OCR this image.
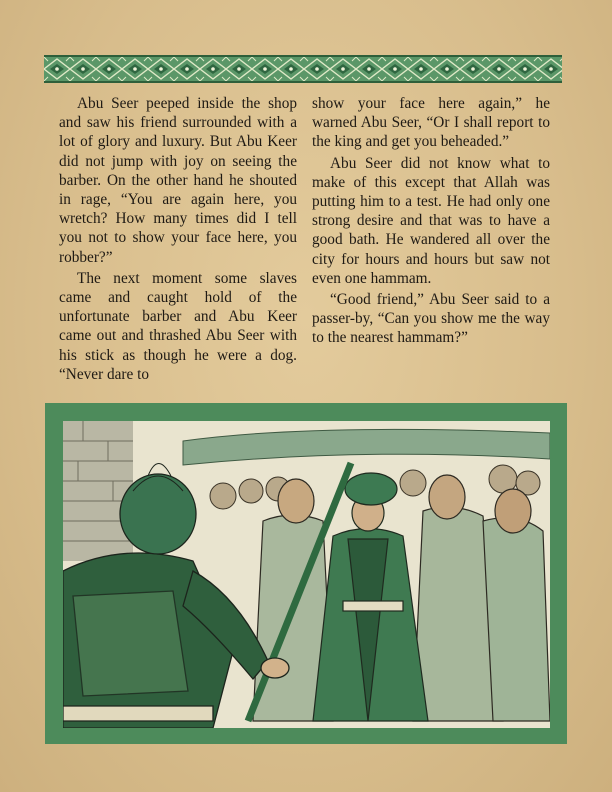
Abu Seer peeped inside the shop and saw his friend surrounded with a lot of glory and luxury. But Abu Keer did not jump with joy on seeing the barber. On the other hand he shouted in rage, “You are again here, you wretch? How many times did I tell you not to show your face here, you robber?”

The next moment some slaves came and caught hold of the unfortunate barber and Abu Keer came out and thrashed Abu Seer with his stick as though he were a dog. “Never dare to

show your face here again,” he warned Abu Seer, “Or I shall report to the king and get you beheaded.”

Abu Seer did not know what to make of this except that Allah was putting him to a test. He had only one strong desire and that was to have a good bath. He wandered all over the city for hours and hours but saw not even one hammam.

“Good friend,” Abu Seer said to a passer-by, “Can you show me the way to the nearest hammam?”
